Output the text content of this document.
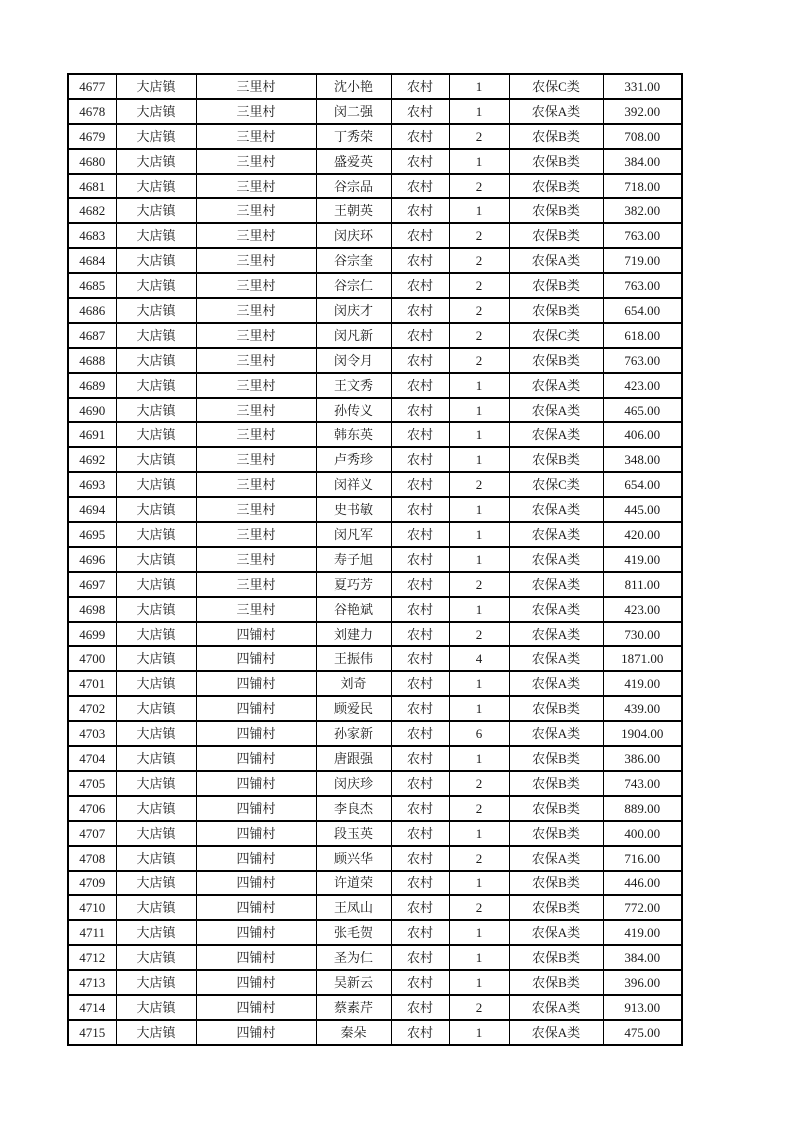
4677	大店镇	三里村	沈小艳	农村	1	农保C类	331.00
4678	大店镇	三里村	闵二强	农村	1	农保A类	392.00
4679	大店镇	三里村	丁秀荣	农村	2	农保B类	708.00
4680	大店镇	三里村	盛爱英	农村	1	农保B类	384.00
4681	大店镇	三里村	谷宗品	农村	2	农保B类	718.00
4682	大店镇	三里村	王朝英	农村	1	农保B类	382.00
4683	大店镇	三里村	闵庆环	农村	2	农保B类	763.00
4684	大店镇	三里村	谷宗奎	农村	2	农保A类	719.00
4685	大店镇	三里村	谷宗仁	农村	2	农保B类	763.00
4686	大店镇	三里村	闵庆才	农村	2	农保B类	654.00
4687	大店镇	三里村	闵凡新	农村	2	农保C类	618.00
4688	大店镇	三里村	闵令月	农村	2	农保B类	763.00
4689	大店镇	三里村	王文秀	农村	1	农保A类	423.00
4690	大店镇	三里村	孙传义	农村	1	农保A类	465.00
4691	大店镇	三里村	韩东英	农村	1	农保A类	406.00
4692	大店镇	三里村	卢秀珍	农村	1	农保B类	348.00
4693	大店镇	三里村	闵祥义	农村	2	农保C类	654.00
4694	大店镇	三里村	史书敏	农村	1	农保A类	445.00
4695	大店镇	三里村	闵凡军	农村	1	农保A类	420.00
4696	大店镇	三里村	寿子旭	农村	1	农保A类	419.00
4697	大店镇	三里村	夏巧芳	农村	2	农保A类	811.00
4698	大店镇	三里村	谷艳斌	农村	1	农保A类	423.00
4699	大店镇	四铺村	刘建力	农村	2	农保A类	730.00
4700	大店镇	四铺村	王振伟	农村	4	农保A类	1871.00
4701	大店镇	四铺村	刘奇	农村	1	农保A类	419.00
4702	大店镇	四铺村	顾爱民	农村	1	农保B类	439.00
4703	大店镇	四铺村	孙家新	农村	6	农保A类	1904.00
4704	大店镇	四铺村	唐跟强	农村	1	农保B类	386.00
4705	大店镇	四铺村	闵庆珍	农村	2	农保B类	743.00
4706	大店镇	四铺村	李良杰	农村	2	农保B类	889.00
4707	大店镇	四铺村	段玉英	农村	1	农保B类	400.00
4708	大店镇	四铺村	顾兴华	农村	2	农保A类	716.00
4709	大店镇	四铺村	许道荣	农村	1	农保B类	446.00
4710	大店镇	四铺村	王凤山	农村	2	农保B类	772.00
4711	大店镇	四铺村	张毛贺	农村	1	农保A类	419.00
4712	大店镇	四铺村	圣为仁	农村	1	农保B类	384.00
4713	大店镇	四铺村	吴新云	农村	1	农保B类	396.00
4714	大店镇	四铺村	蔡素芹	农村	2	农保A类	913.00
4715	大店镇	四铺村	秦朵	农村	1	农保A类	475.00
